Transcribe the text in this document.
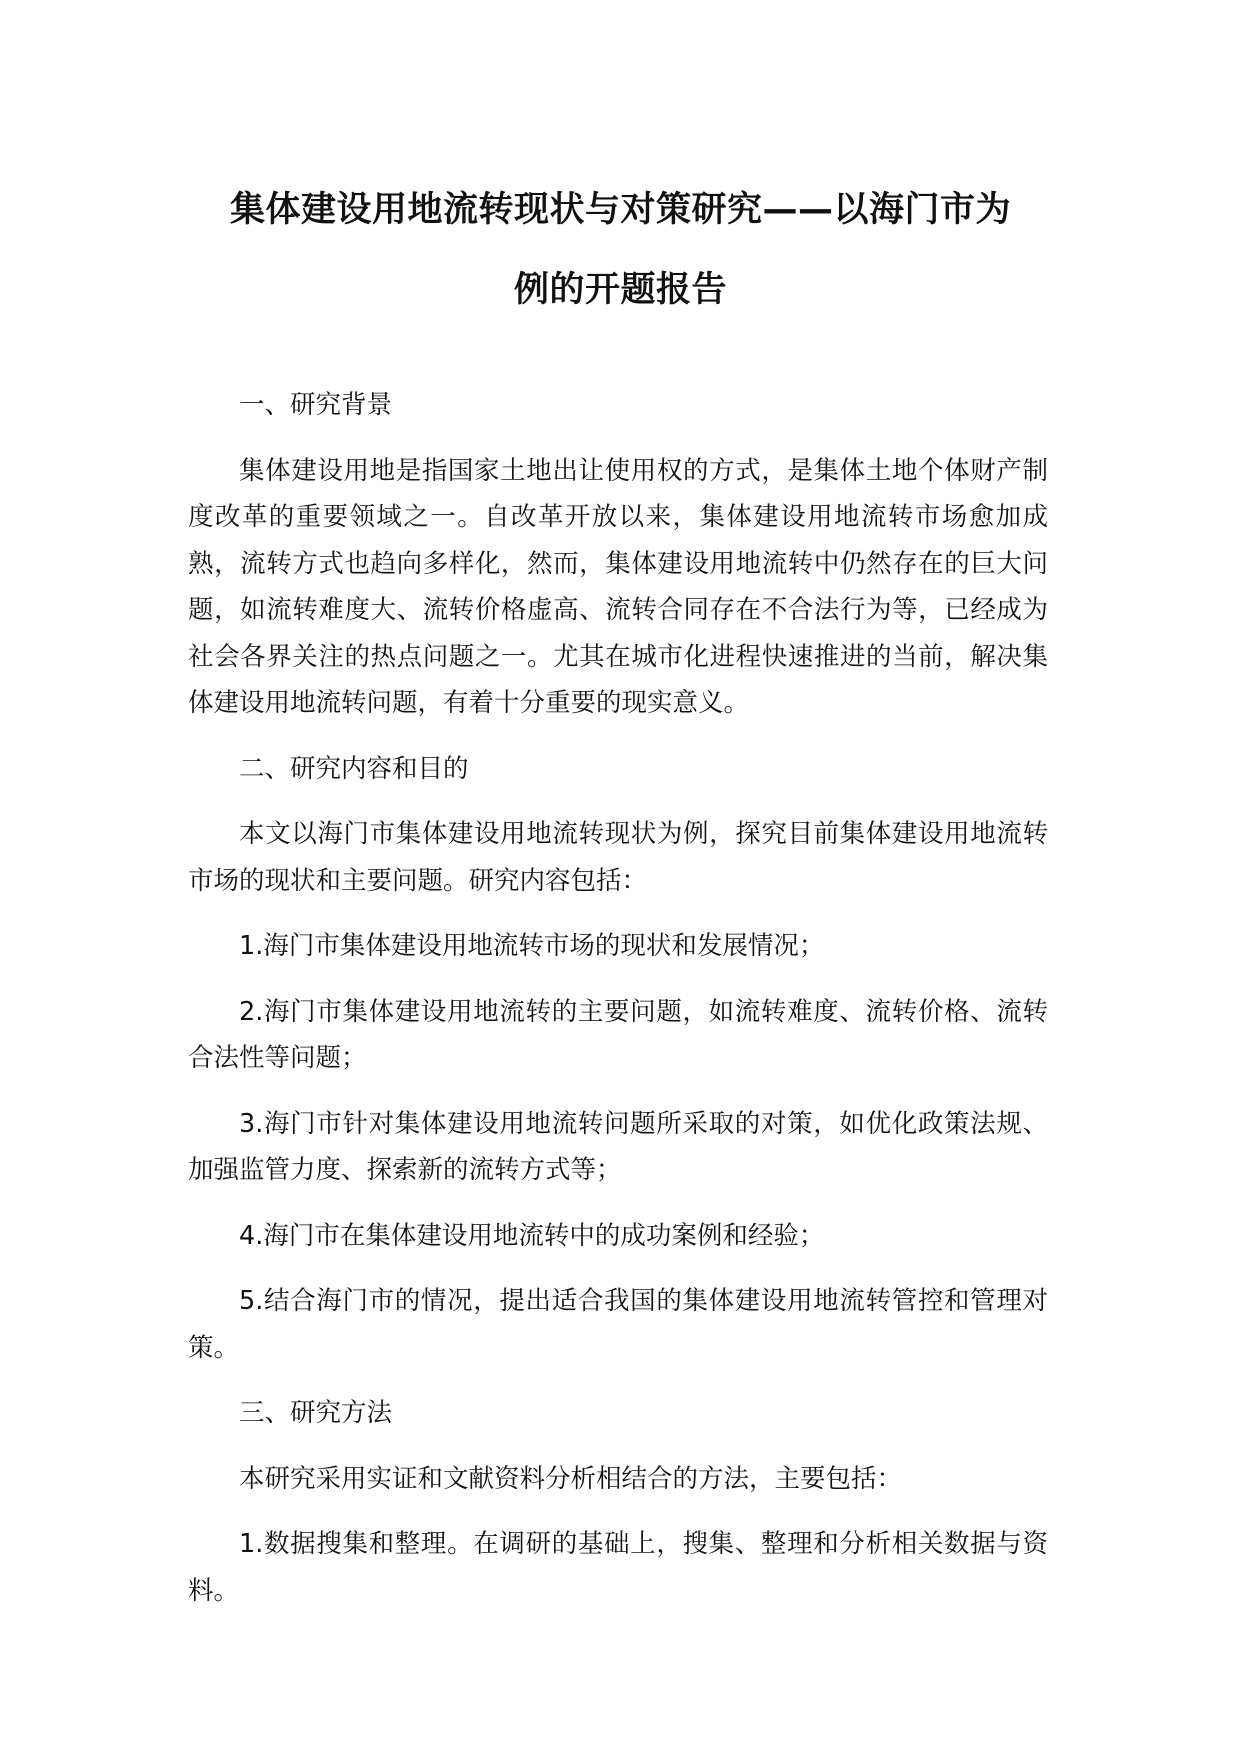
集体建设用地流转现状与对策研究——以海门市为
例的开题报告

一、研究背景

集体建设用地是指国家土地出让使用权的方式，是集体土地个体财产制度改革的重要领域之一。自改革开放以来，集体建设用地流转市场愈加成熟，流转方式也趋向多样化，然而，集体建设用地流转中仍然存在的巨大问题，如流转难度大、流转价格虚高、流转合同存在不合法行为等，已经成为社会各界关注的热点问题之一。尤其在城市化进程快速推进的当前，解决集体建设用地流转问题，有着十分重要的现实意义。

二、研究内容和目的

本文以海门市集体建设用地流转现状为例，探究目前集体建设用地流转市场的现状和主要问题。研究内容包括：

1.海门市集体建设用地流转市场的现状和发展情况；

2.海门市集体建设用地流转的主要问题，如流转难度、流转价格、流转合法性等问题；

3.海门市针对集体建设用地流转问题所采取的对策，如优化政策法规、加强监管力度、探索新的流转方式等；

4.海门市在集体建设用地流转中的成功案例和经验；

5.结合海门市的情况，提出适合我国的集体建设用地流转管控和管理对策。

三、研究方法

本研究采用实证和文献资料分析相结合的方法，主要包括：

1.数据搜集和整理。在调研的基础上，搜集、整理和分析相关数据与资料。
